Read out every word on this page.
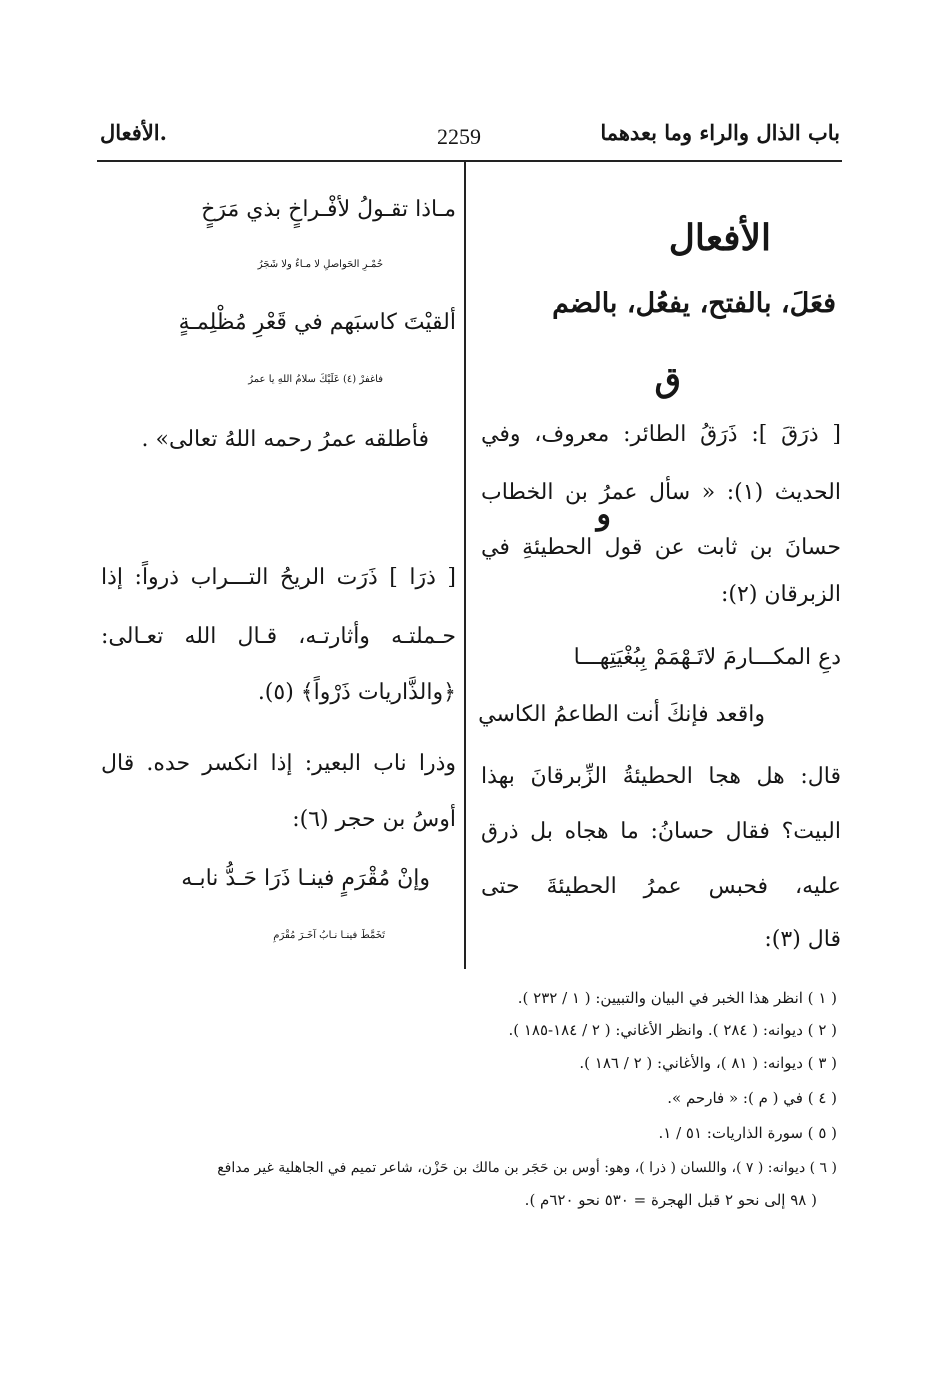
باب الذال والراء وما بعدهما
2259
.الأفعال
الأفعال
فعَلَ، بالفتح، يفعُل، بالضم
ق
[ ذرَقَ ]: ذَرَقُ الطائر: معروف، وفي
الحديث (١): « سأل عمرُ بن الخطاب
حسانَ بن ثابت عن قول الحطيئةِ في
الزبرقان (٢):
دعِ المكـــارمَ لاتَـهْمَمْ بِبُغْيَتِهـــا
واقعد فإنكَ أنت الطاعمُ الكاسي
قال: هل هجا الحطيئةُ الزِّبرقانَ بهذا
البيت؟ فقال حسانُ: ما هجاه بل ذرق
عليه، فحبس عمرُ الحطيئةَ حتى
قال (٣):
مـاذا تقـولُ لأفْـراخٍ بذي مَرَخٍ
حُمْـرِ الحَواصلِ لا مـاءٌ ولا شَجَرُ
ألقيْتَ كاسبَهم في قَعْرِ مُظْلِمـةٍ
فاغفرْ (٤) عَلَيْكَ سلامُ اللهِ يا عمرُ
فأطلقه عمرُ رحمه اللهُ تعالى» .
و
[ ذرَا ] ذَرَت الريحُ التـــراب ذرواً: إذا
حـملتـه وأثارتـه، قـال الله تعـالى:
﴿والذَّاريات ذَرْواً﴾ (٥).
وذرا ناب البعير: إذا انكسر حده. قال
أوسُ بن حجر (٦):
وإنْ مُقْرَمٍ فينـا ذَرَا حَـدُّ نابـه
تَخَمَّطَ فينـا نـابُ آخَـرَ مُقْرَمِ
( ١ ) انظر هذا الخبر في البيان والتبيين: ( ١ / ٢٣٢ ).
( ٢ ) ديوانه: ( ٢٨٤ ). وانظر الأغاني: ( ٢ / ١٨٤-١٨٥ ).
( ٣ ) ديوانه: ( ٨١ )، والأغاني: ( ٢ / ١٨٦ ).
( ٤ ) في ( م ): « فارحم ».
( ٥ ) سورة الذاريات: ٥١ / ١.
( ٦ ) ديوانه: ( ٧ )، واللسان ( ذرا )، وهو: أوس بن حَجَر بن مالك بن حَزْن، شاعر تميم في الجاهلية غير مدافع
( ٩٨ إلى نحو ٢ قبل الهجرة = ٥٣٠ نحو ٦٢٠م ).
